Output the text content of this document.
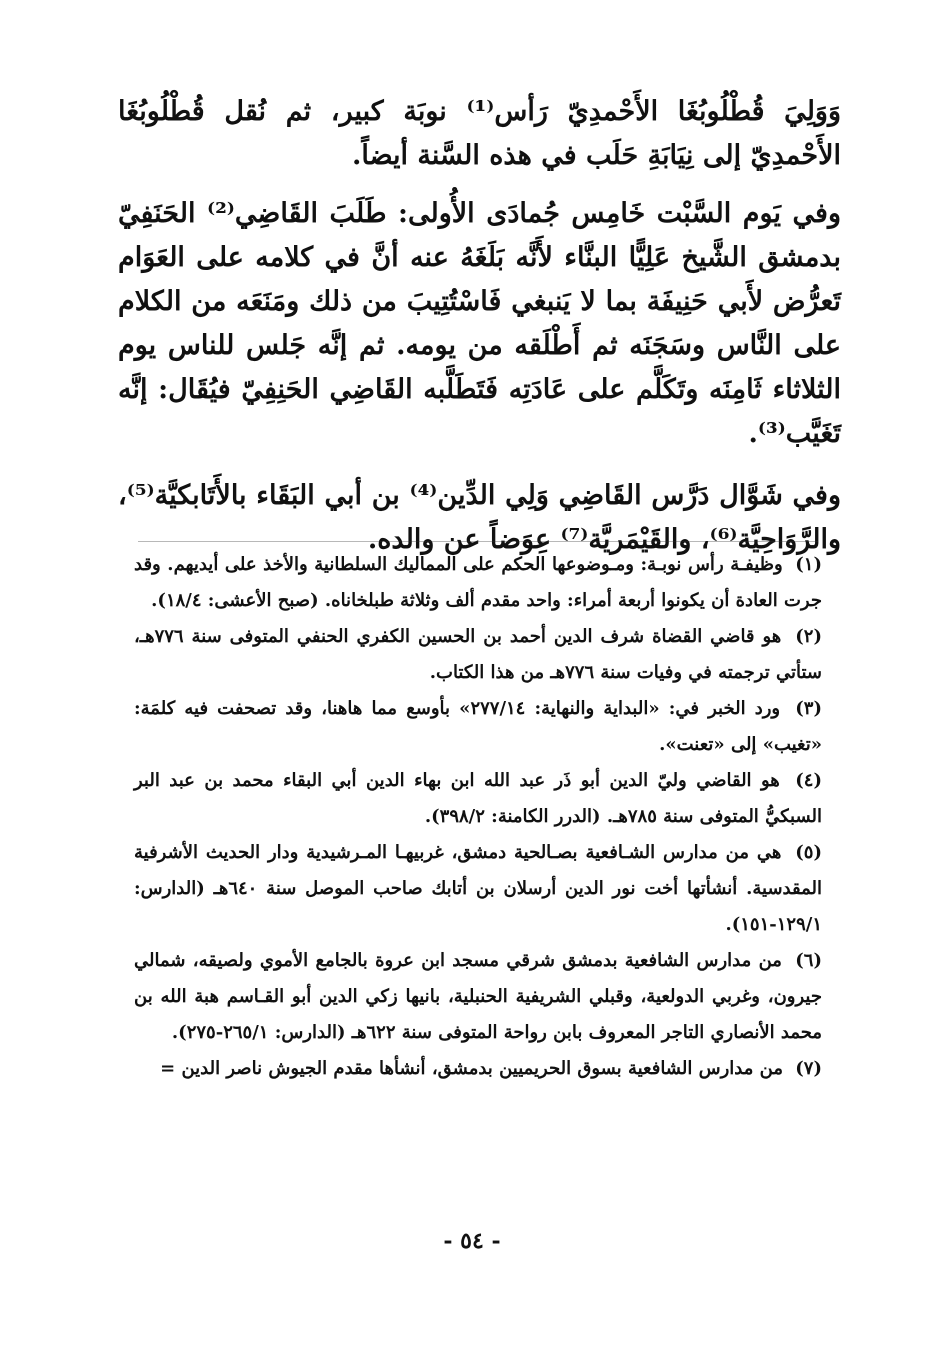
وَوَلِيَ قُطْلُوبُغَا الأَحْمدِيّ رَأس⁽¹⁾ نوبَة كبير، ثم نُقل قُطْلُوبُغَا الأَحْمدِيّ إلى نِيَابَةِ حَلَب في هذه السَّنة أيضاً.

وفي يَوم السَّبْت خَامِس جُمادَى الأُولى: طَلَبَ القَاضِي⁽²⁾ الحَنَفِيّ بدمشق الشَّيخ عَلِيًّا البنَّاء لأَنَّه بَلَغَهُ عنه أنَّ في كلامه على العَوَام تَعرُّض لأَبي حَنِيفَة بما لا يَنبغي فَاسْتُتِيبَ من ذلك ومَنَعَه من الكلام على النَّاس وسَجَنَه ثم أَطْلَقه من يومه. ثم إنَّه جَلس للناس يوم الثلاثاء ثَامِنَه وتَكَلَّم على عَادَتِه فَتَطَلَّبه القَاضِي الحَنِفِيّ فيُقَال: إنَّه تَغَيَّب⁽³⁾.

وفي شَوَّال دَرَّس القَاضِي وَلِي الدِّين⁽⁴⁾ بن أبي البَقَاء بالأَتَابكيَّة⁽⁵⁾، والرَّوَاحِيَّة⁽⁶⁾، والقَيْمَريَّة⁽⁷⁾ عِوَضاً عن والده.

(١) وظيفـة رأس نوبـة: ومـوضوعها الحكم على المماليك السلطانية والأخذ على أيديهم. وقد جرت العادة أن يكونوا أربعة أمراء: واحد مقدم ألف وثلاثة طبلخاناه. (صبح الأعشى: ١٨/٤).
(٢) هو قاضي القضاة شرف الدين أحمد بن الحسين الكفري الحنفي المتوفى سنة ٧٧٦هـ، ستأتي ترجمته في وفيات سنة ٧٧٦هـ من هذا الكتاب.
(٣) ورد الخبر في: «البداية والنهاية: ٢٧٧/١٤» بأوسع مما هاهنا، وقد تصحفت فيه كلمَة: «تغيب» إلى «تعنت».
(٤) هو القاضي وليّ الدين أبو ذَر عبد الله ابن بهاء الدين أبي البقاء محمد بن عبد البر السبكيُّ المتوفى سنة ٧٨٥هـ. (الدرر الكامنة: ٣٩٨/٢).
(٥) هي من مدارس الشـافعية بصـالحية دمشق، غربيهـا المـرشيدية ودار الحديث الأشرفية المقدسية. أنشأتها أخت نور الدين أرسلان بن أتابك صاحب الموصل سنة ٦٤٠هـ (الدارس: ١٢٩/١-١٥١).
(٦) من مدارس الشافعية بدمشق شرقي مسجد ابن عروة بالجامع الأموي ولصيقه، شمالي جيرون، وغربي الدولعية، وقبلي الشريفية الحنبلية، بانيها زكي الدين أبو القـاسم هبة الله بن محمد الأنصاري التاجر المعروف بابن رواحة المتوفى سنة ٦٢٢هـ (الدارس: ٢٦٥/١-٢٧٥).
(٧) من مدارس الشافعية بسوق الحريميين بدمشق، أنشأها مقدم الجيوش ناصر الدين =
- ٥٤ -
